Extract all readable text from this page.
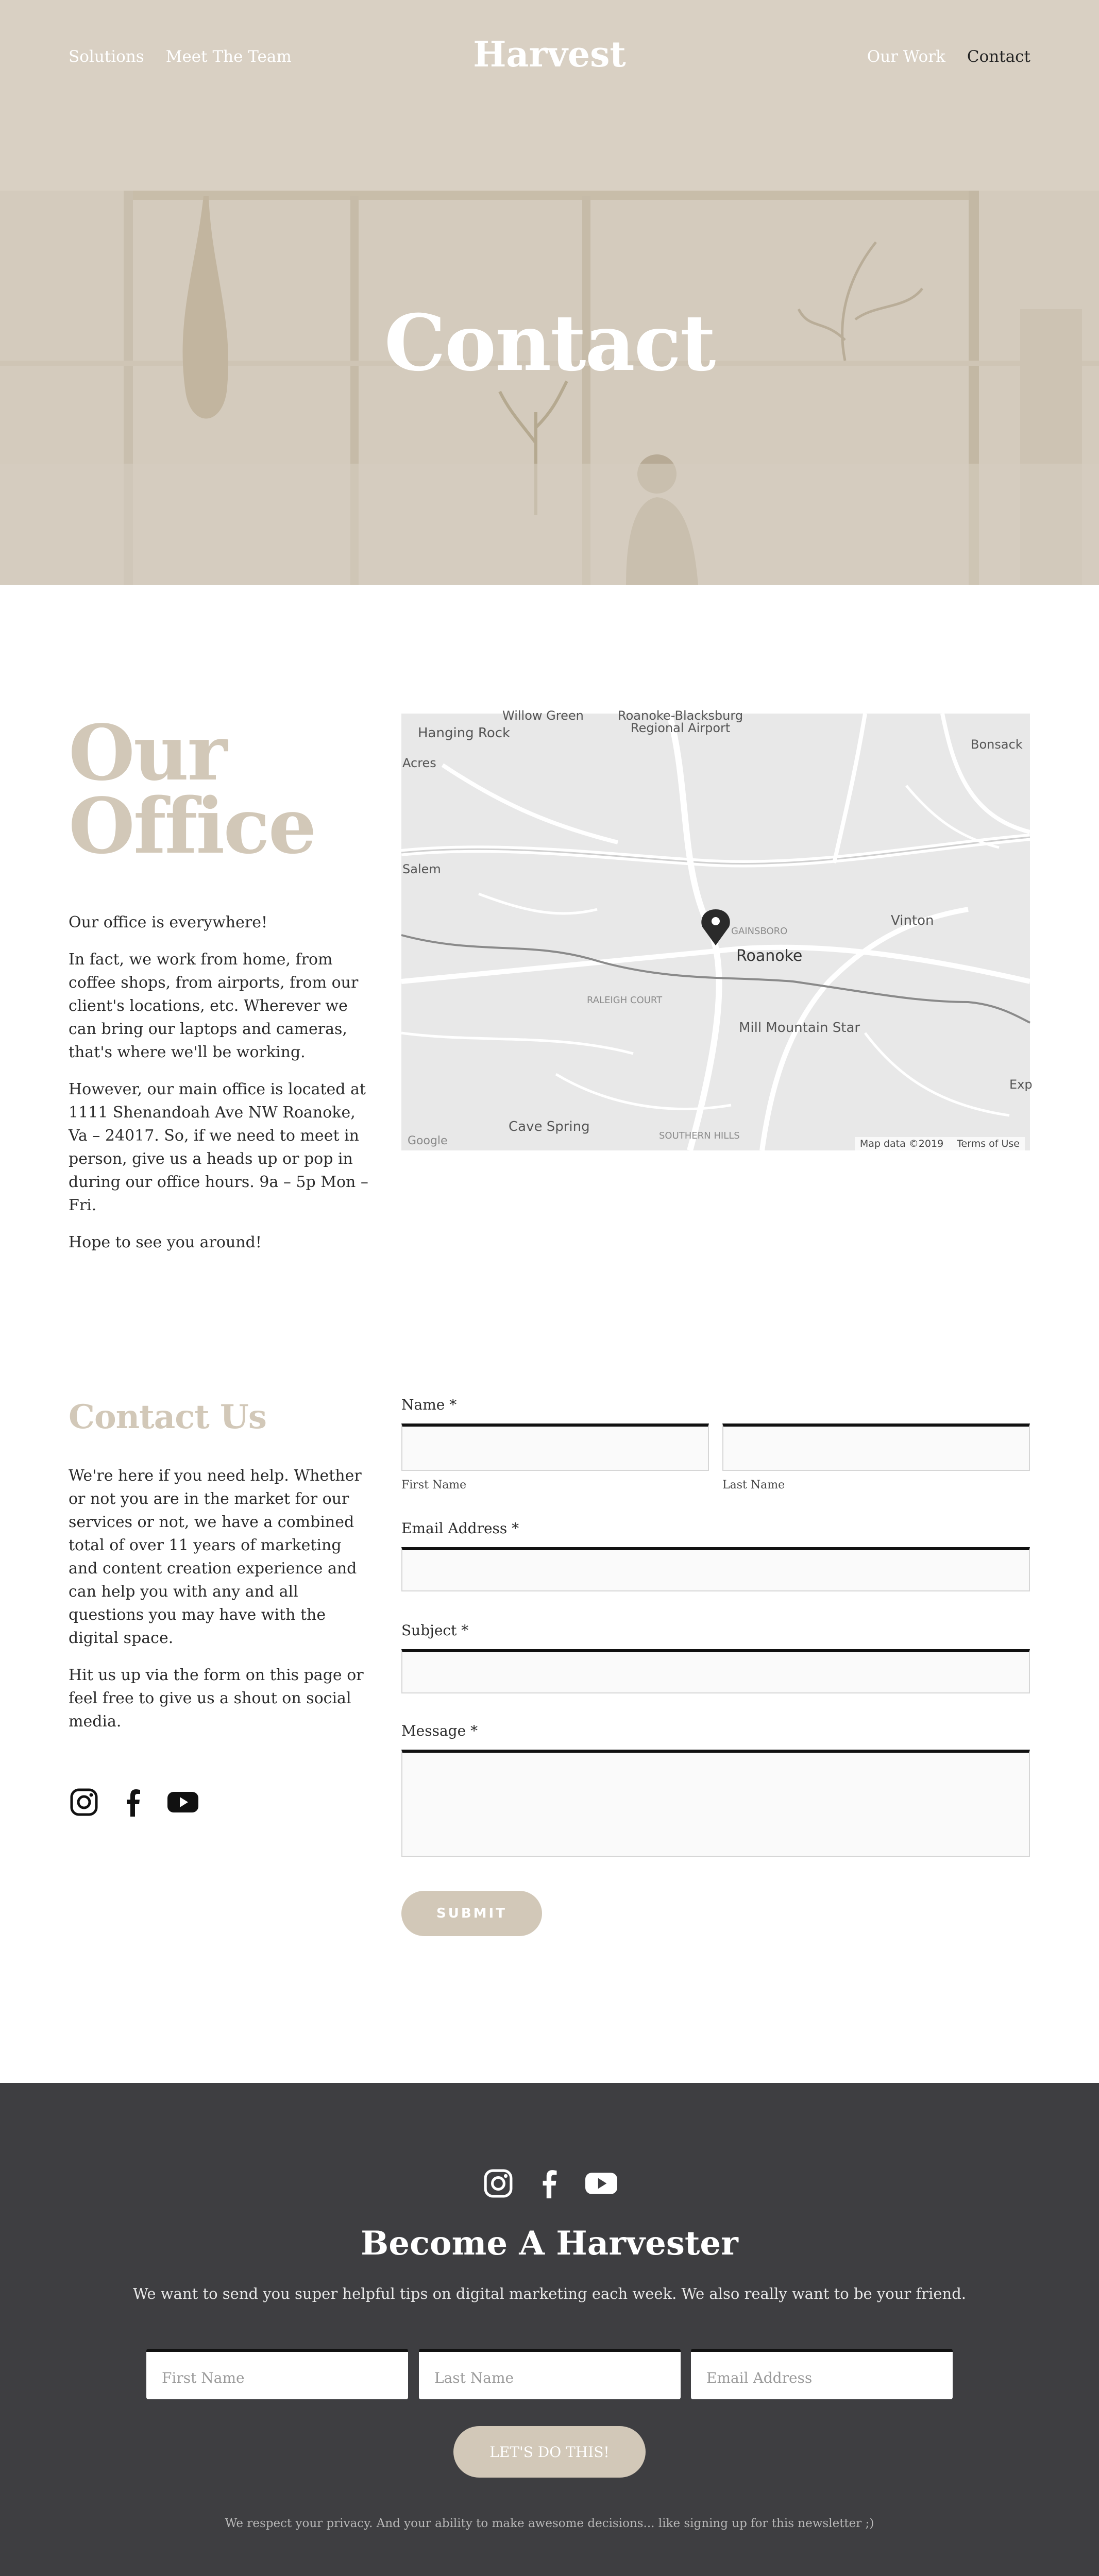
Solutions Meet The Team	Harvest	Our Work Contact
Contact
Our
Office

Our office is everywhere!

In fact, we work from home, from coffee shops, from airports, from our client's locations, etc. Wherever we can bring our laptops and cameras, that's where we'll be working.

However, our main office is located at 1111 Shenandoah Ave NW Roanoke, Va – 24017. So, if we need to meet in person, give us a heads up or pop in during our office hours. 9a – 5p Mon – Fri.

Hope to see you around!

Willow Green	Roanoke-Blacksburg
Regional Airport
Hanging Rock
Bonsack
Acres
Salem
GAINSBORO
Vinton
Roanoke
RALEIGH COURT
Mill Mountain Star
Cave Spring
SOUTHERN HILLS
Exp
Google	Map data ©2019 Terms of Use
Contact Us

We're here if you need help. Whether or not you are in the market for our services or not, we have a combined total of over 11 years of marketing and content creation experience and can help you with any and all questions you may have with the digital space.

Hit us up via the form on this page or feel free to give us a shout on social media.

Name *
First Name	Last Name
Email Address *
Subject *
Message *
SUBMIT
Become A Harvester

We want to send you super helpful tips on digital marketing each week. We also really want to be your friend.

First Name	Last Name	Email Address
LET'S DO THIS!

We respect your privacy. And your ability to make awesome decisions... like signing up for this newsletter ;)
